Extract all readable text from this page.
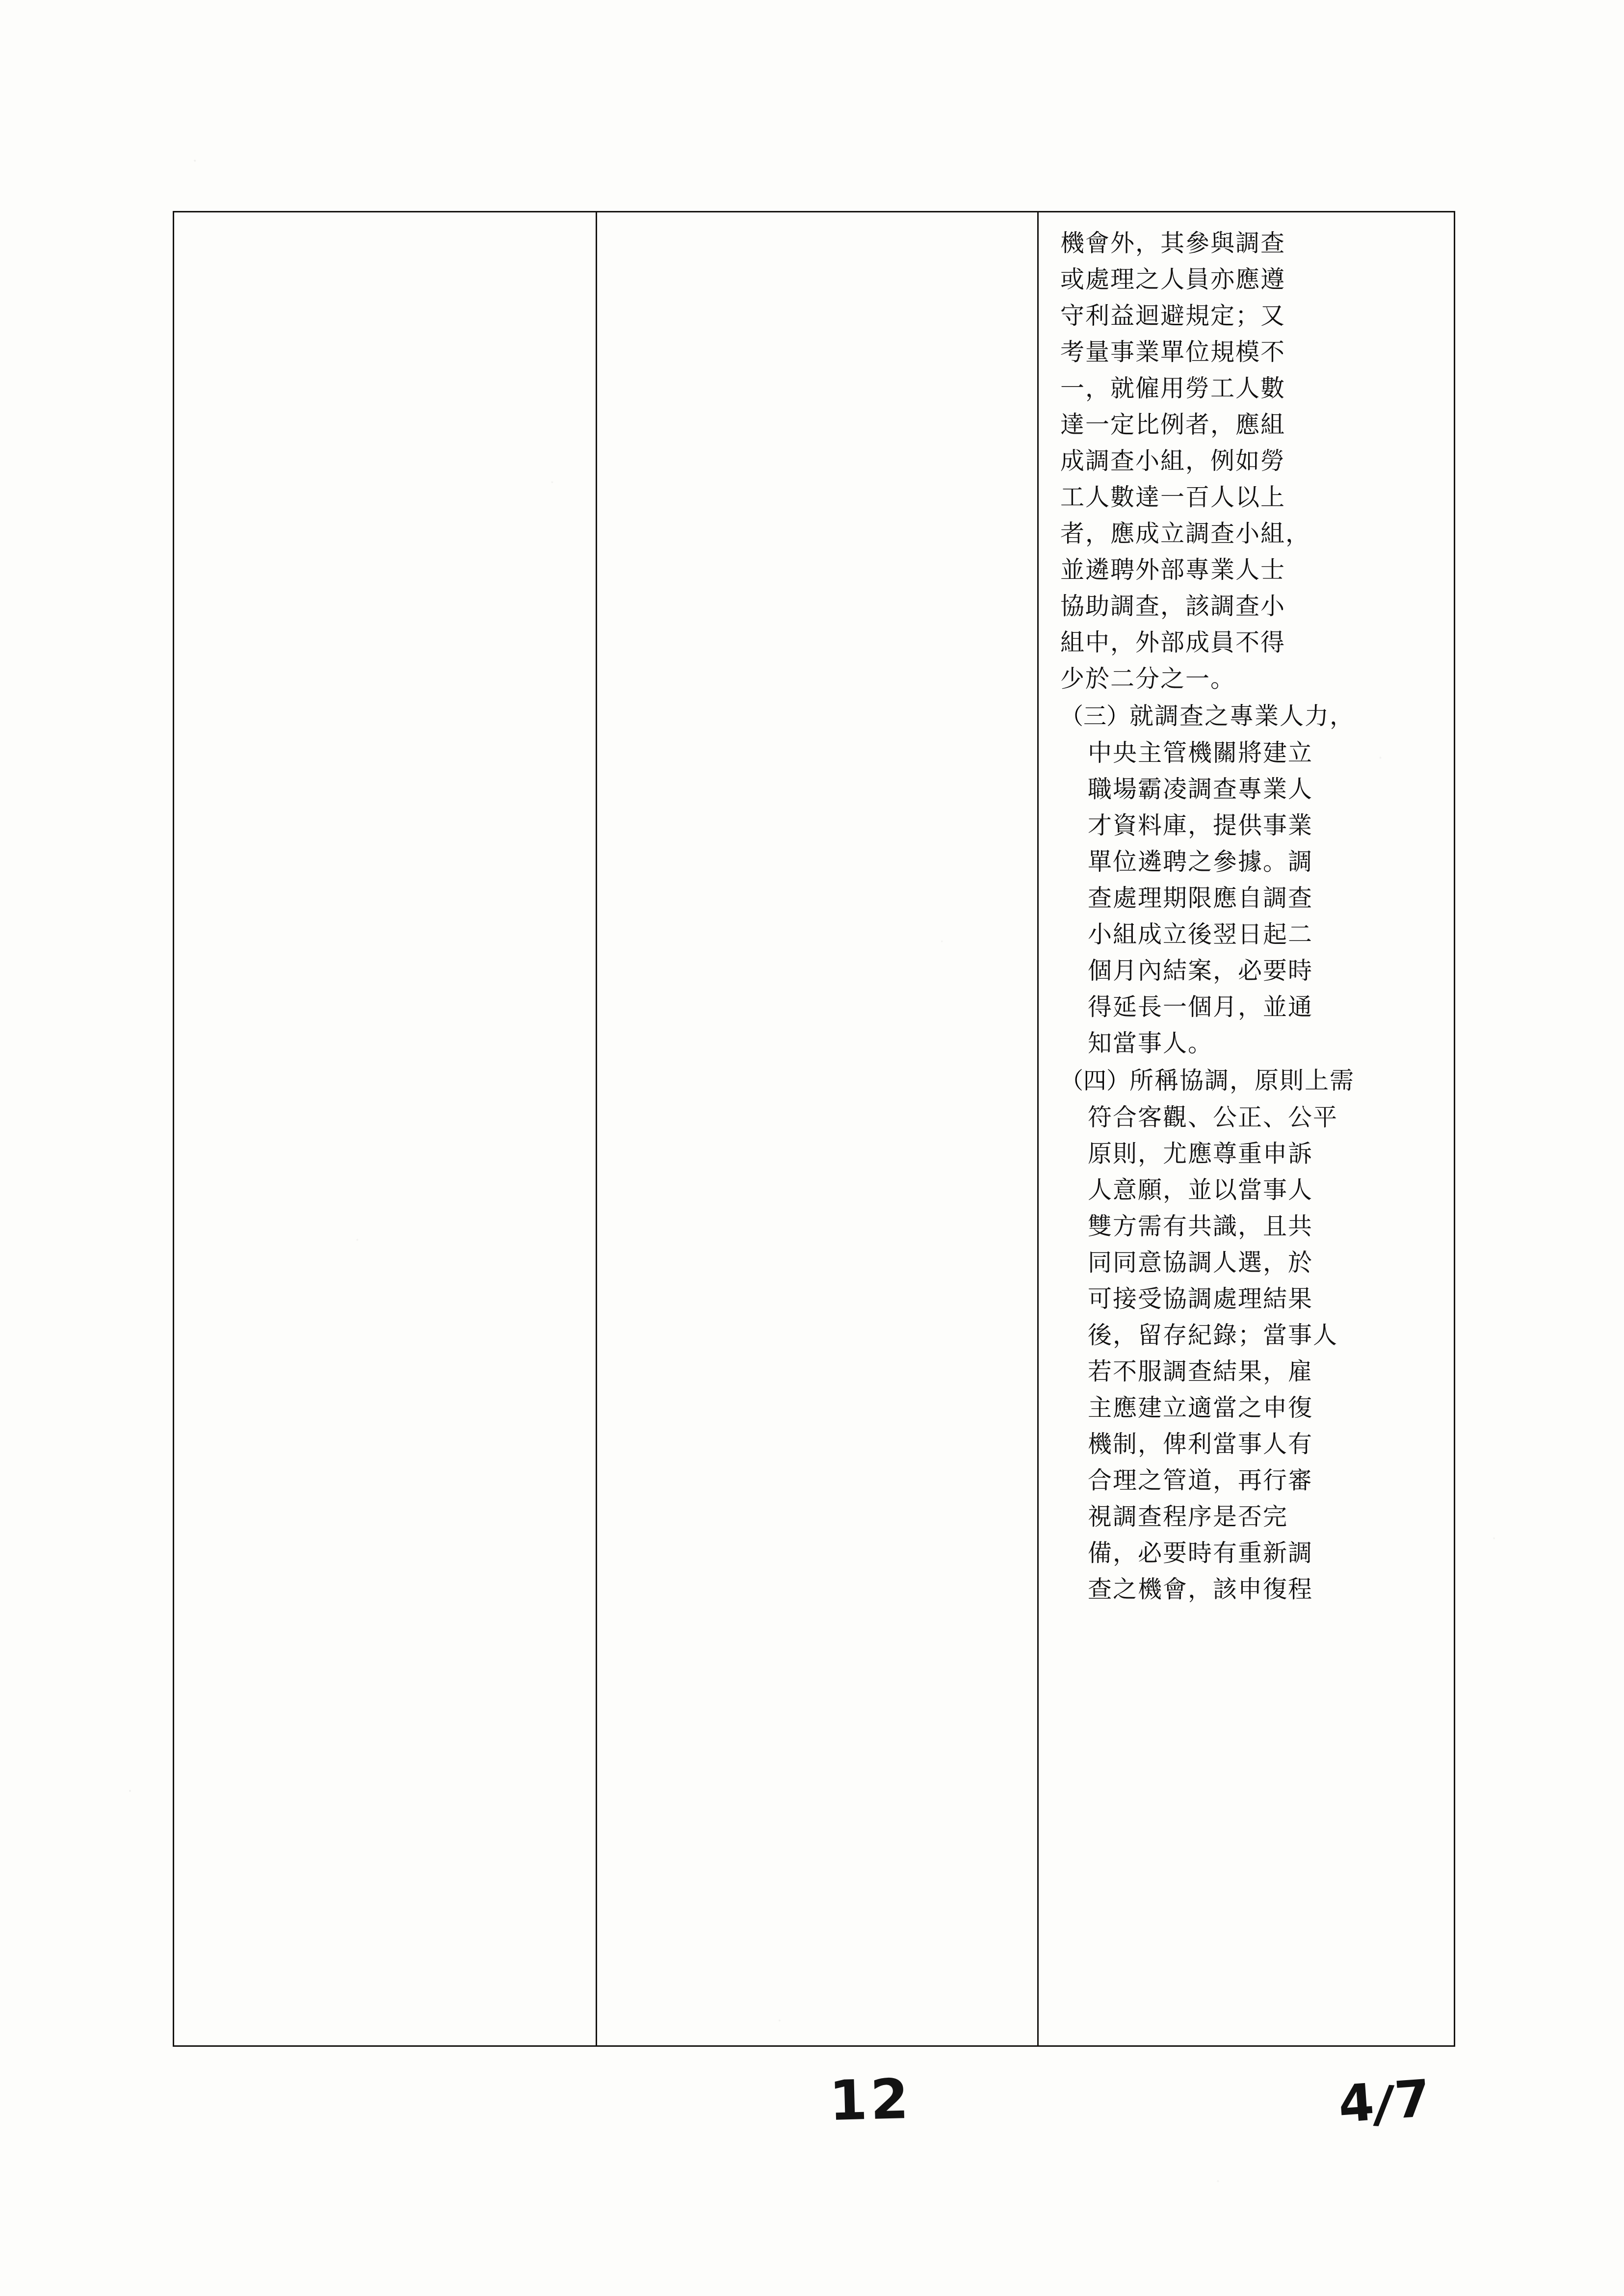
機會外，其參與調查
或處理之人員亦應遵
守利益迴避規定；又
考量事業單位規模不
一，就僱用勞工人數
達一定比例者，應組
成調查小組，例如勞
工人數達一百人以上
者，應成立調查小組，
並遴聘外部專業人士
協助調查，該調查小
組中，外部成員不得
少於二分之一。
（三） 就調查之專業人力，
中央主管機關將建立
職場霸凌調查專業人
才資料庫，提供事業
單位遴聘之參據。調
查處理期限應自調查
小組成立後翌日起二
個月內結案，必要時
得延長一個月，並通
知當事人。
（四） 所稱協調，原則上需
符合客觀、公正、公平
原則，尤應尊重申訴
人意願，並以當事人
雙方需有共識，且共
同同意協調人選，於
可接受協調處理結果
後，留存紀錄；當事人
若不服調查結果，雇
主應建立適當之申復
機制，俾利當事人有
合理之管道，再行審
視調查程序是否完
備，必要時有重新調
查之機會，該申復程
12	4/7
